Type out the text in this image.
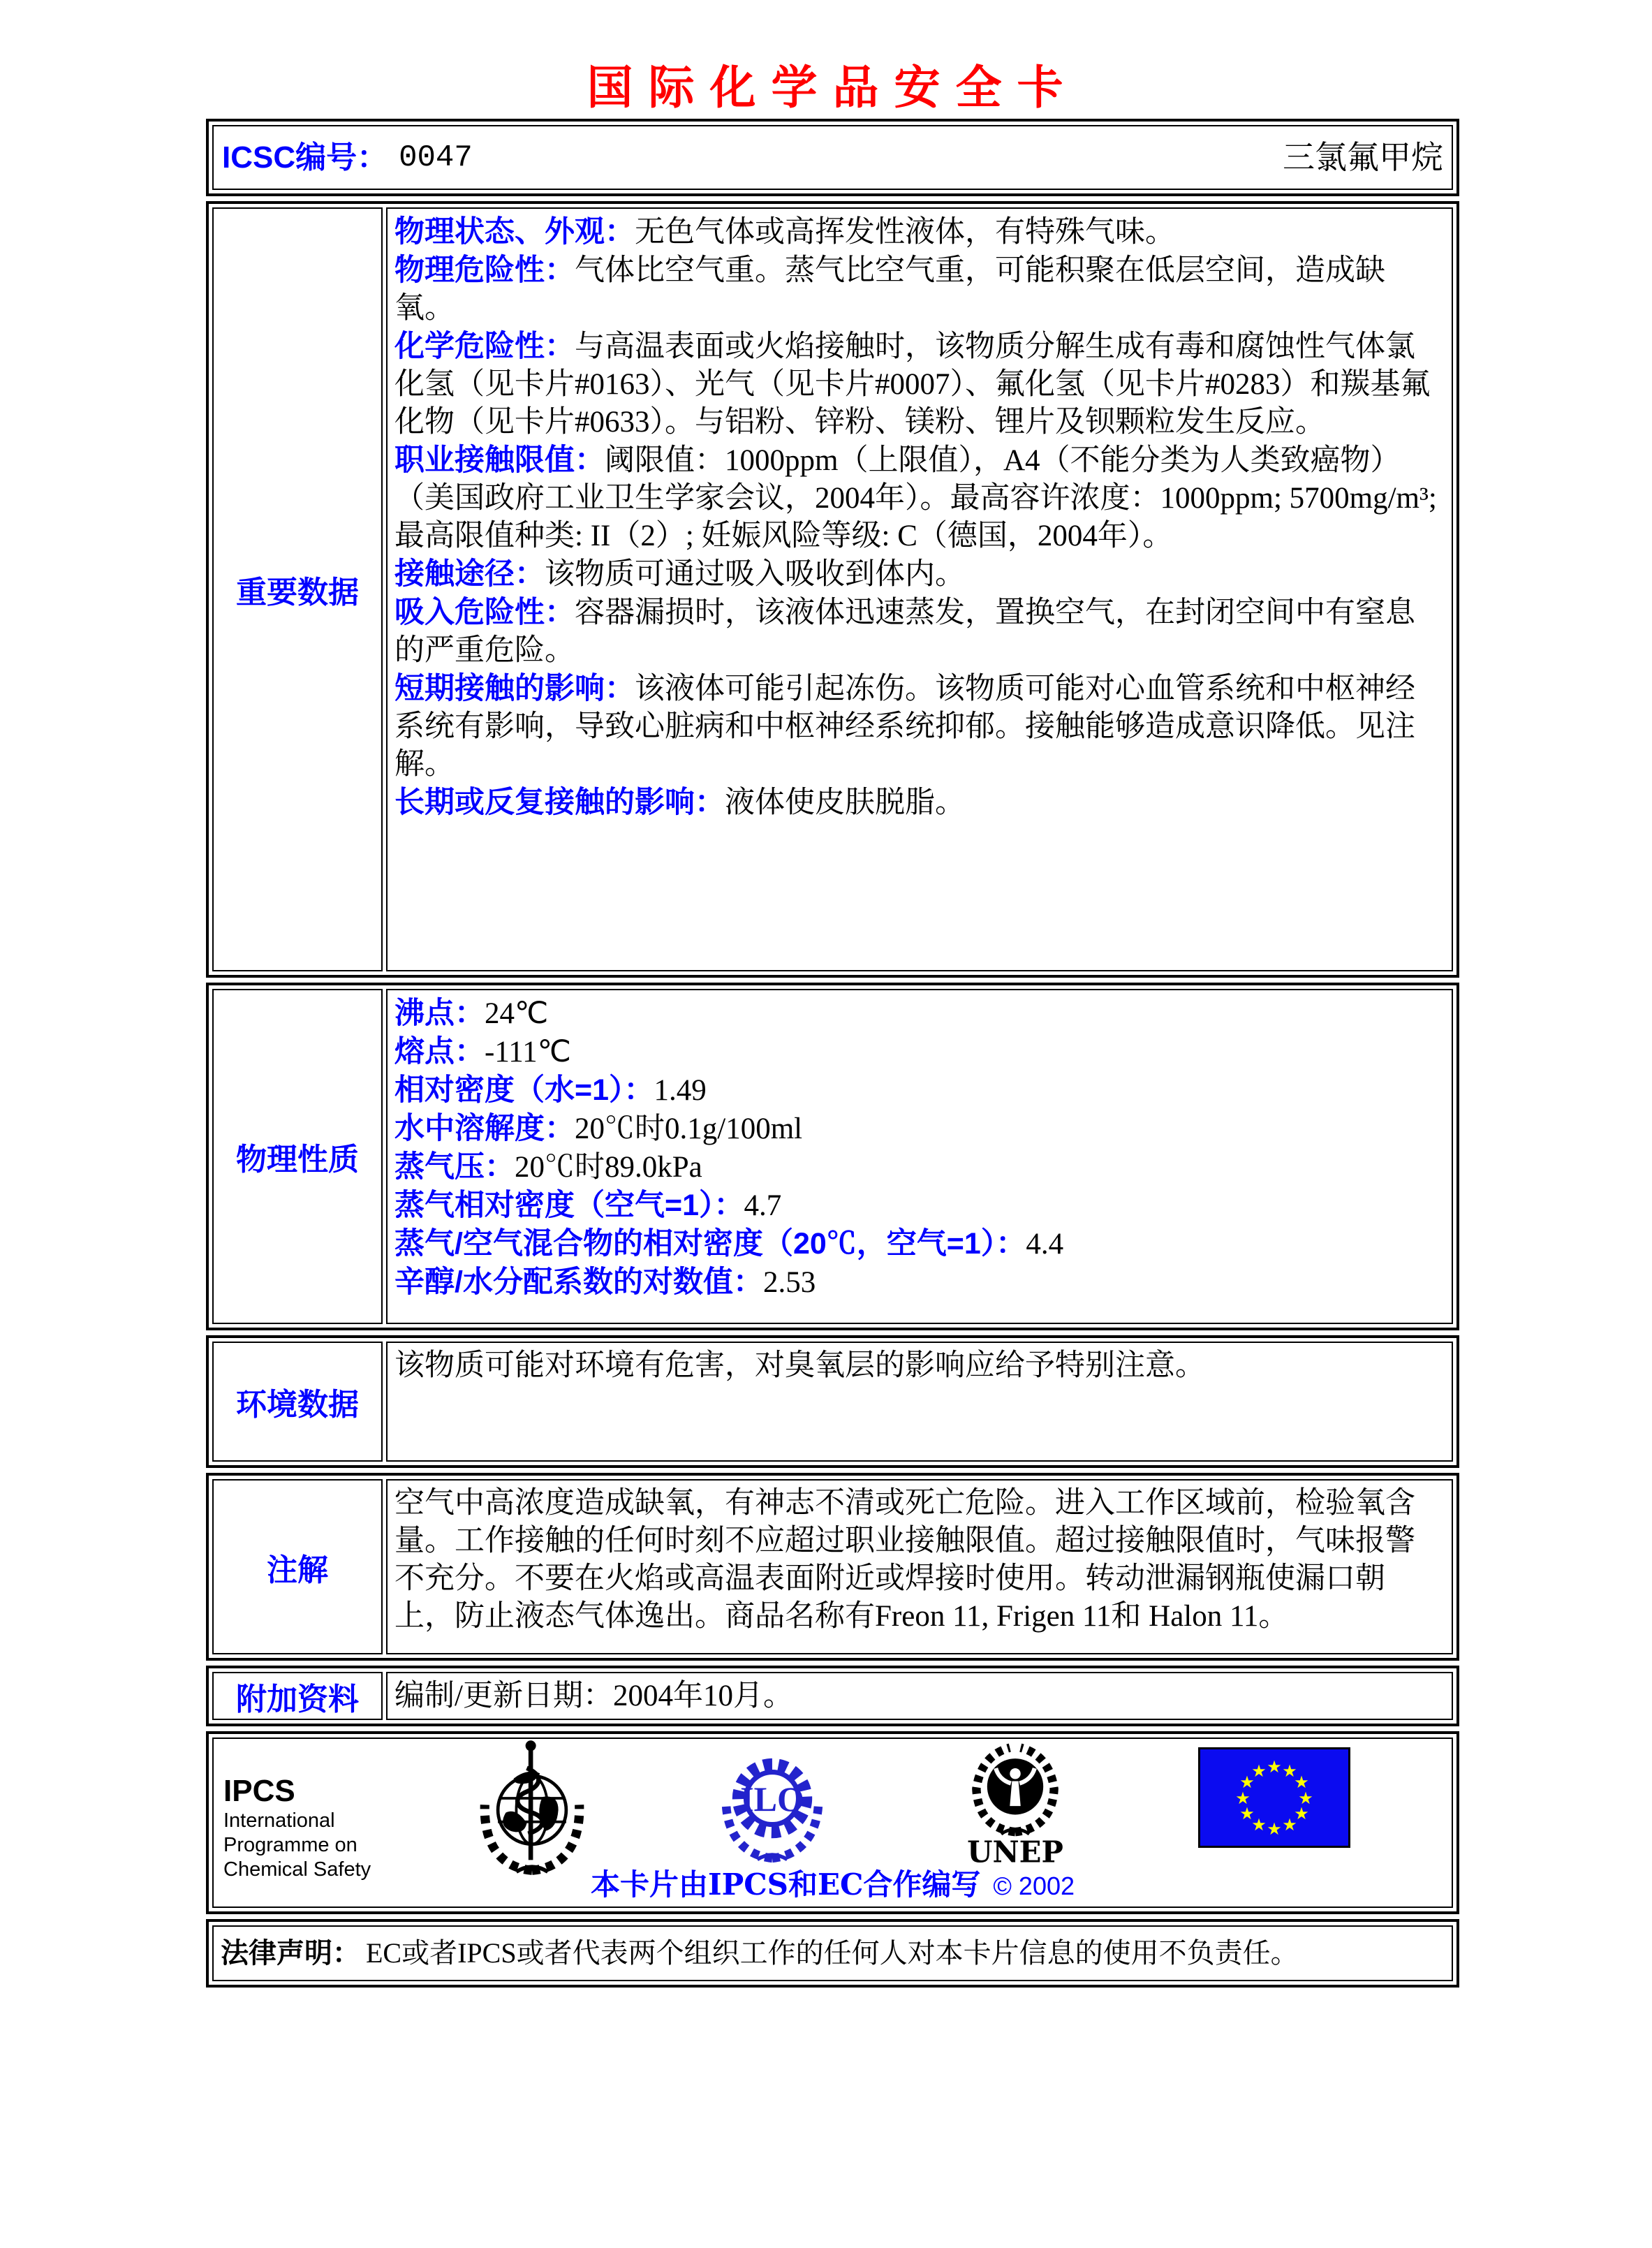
国际化学品安全卡
ICSC编号： 0047	三氯氟甲烷
重要数据
物理状态、外观：无色气体或高挥发性液体，有特殊气味。
物理危险性：气体比空气重。蒸气比空气重，可能积聚在低层空间，造成缺氧。
化学危险性：与高温表面或火焰接触时，该物质分解生成有毒和腐蚀性气体氯化氢（见卡片#0163）、光气（见卡片#0007）、氟化氢（见卡片#0283）和羰基氟化物（见卡片#0633）。与铝粉、锌粉、镁粉、锂片及钡颗粒发生反应。
职业接触限值：阈限值：1000ppm（上限值），A4（不能分类为人类致癌物）（美国政府工业卫生学家会议，2004年）。最高容许浓度：1000ppm; 5700mg/m³; 最高限值种类: II（2）; 妊娠风险等级: C（德国，2004年）。
接触途径：该物质可通过吸入吸收到体内。
吸入危险性：容器漏损时，该液体迅速蒸发，置换空气，在封闭空间中有窒息的严重危险。
短期接触的影响：该液体可能引起冻伤。该物质可能对心血管系统和中枢神经系统有影响，导致心脏病和中枢神经系统抑郁。接触能够造成意识降低。见注解。
长期或反复接触的影响：液体使皮肤脱脂。
物理性质
沸点：24℃
熔点：-111℃
相对密度（水=1）：1.49
水中溶解度：20℃时0.1g/100ml
蒸气压：20℃时89.0kPa
蒸气相对密度（空气=1）：4.7
蒸气/空气混合物的相对密度（20℃，空气=1）：4.4
辛醇/水分配系数的对数值：2.53
环境数据
该物质可能对环境有危害，对臭氧层的影响应给予特别注意。
注解
空气中高浓度造成缺氧，有神志不清或死亡危险。进入工作区域前，检验氧含量。工作接触的任何时刻不应超过职业接触限值。超过接触限值时，气味报警不充分。不要在火焰或高温表面附近或焊接时使用。转动泄漏钢瓶使漏口朝上，防止液态气体逸出。商品名称有Freon 11, Frigen 11和 Halon 11。
附加资料 编制/更新日期：2004年10月。
IPCS
International
Programme on
Chemical Safety
ILO
UNEP
★ ★
★
★
★
★
★
★
★
★
★
★
本卡片由IPCS和EC合作编写 © 2002
法律声明： EC或者IPCS或者代表两个组织工作的任何人对本卡片信息的使用不负责任。
